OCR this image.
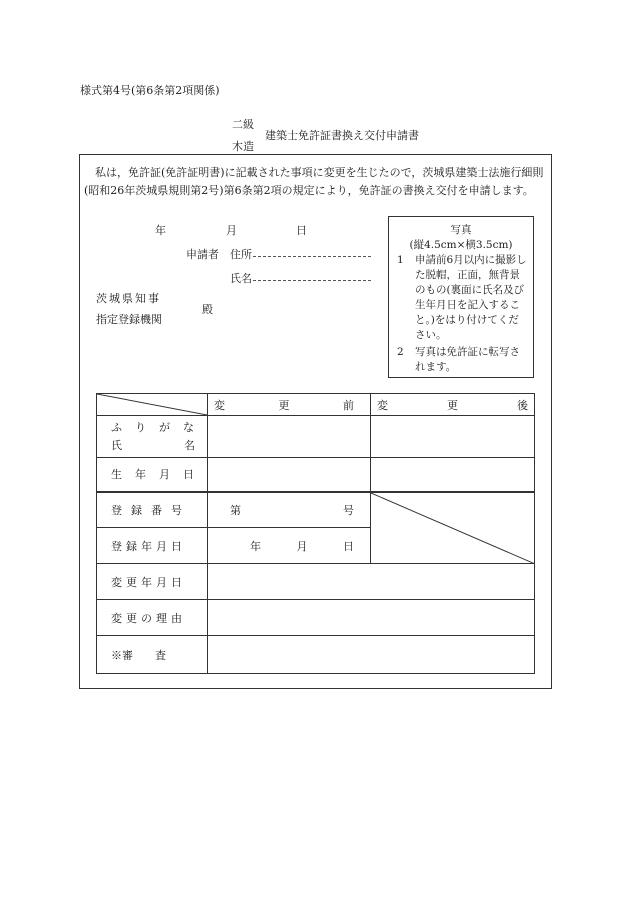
様式第4号(第6条第2項関係)
二級
木造
建築士免許証書換え交付申請書
私は，免許証(免許証明書)に記載された事項に変更を生じたので，茨城県建築士法施行細則(昭和26年茨城県規則第2号)第6条第2項の規定により，免許証の書換え交付を申請します。
年	月	日
申請者 住所
氏名
茨城県知事
指定登録機関
殿
写真
(縦4.5cm×横3.5cm)
1	申請前6月以内に撮影した脱帽，正面，無背景のもの(裏面に氏名及び生年月日を記入すること。)をはり付けてください。
2	写真は免許証に転写されます。

変 更 前	変 更 後

ふりがな
氏 名		

生年月日		
登録番号	第 号

登録年月日	年 月 日	

変更年月日		
変更の理由		
※審　　査		
